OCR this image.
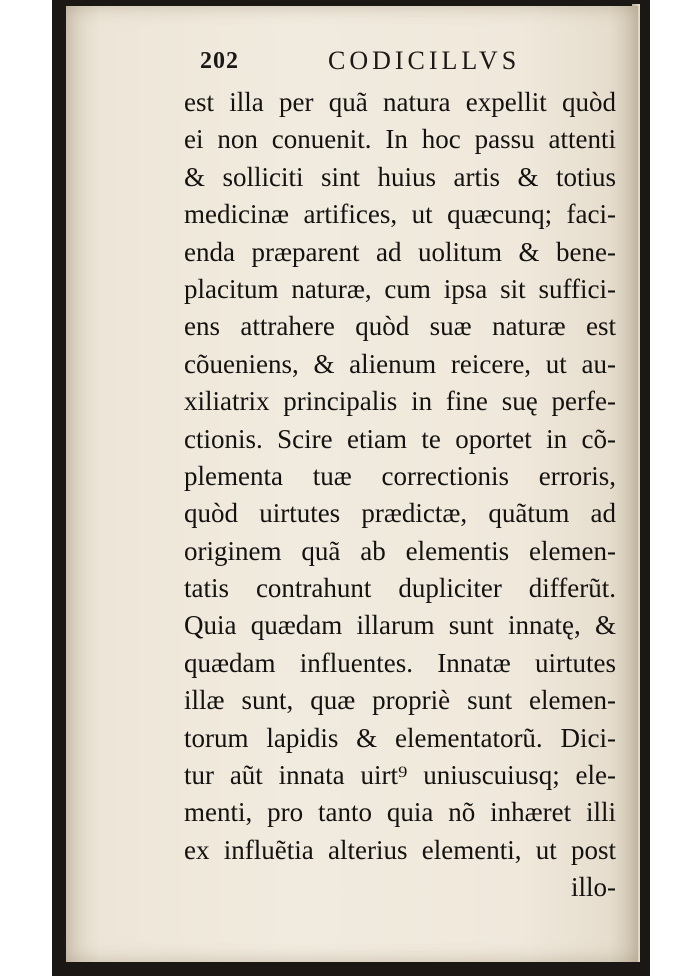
202	CODICILLVS
est illa per quã natura expellit quòd
ei non conuenit. In hoc passu attenti
& solliciti sint huius artis & totius
medicinæ artifices, ut quæcunq; faci-
enda præparent ad uolitum & bene-
placitum naturæ, cum ipsa sit suffici-
ens attrahere quòd suæ naturæ est
cõueniens, & alienum reicere, ut au-
xiliatrix principalis in fine suę perfe-
ctionis. Scire etiam te oportet in cõ-
plementa tuæ correctionis erroris,
quòd uirtutes prædictæ, quãtum ad
originem quã ab elementis elemen-
tatis contrahunt dupliciter differũt.
Quia quædam illarum sunt innatę, &
quædam influentes. Innatæ uirtutes
illæ sunt, quæ propriè sunt elemen-
torum lapidis & elementatorũ. Dici-
tur aũt innata uirt⁹ uniuscuiusq; ele-
menti, pro tanto quia nõ inhæret illi
ex influẽtia alterius elementi, ut post
illo-
